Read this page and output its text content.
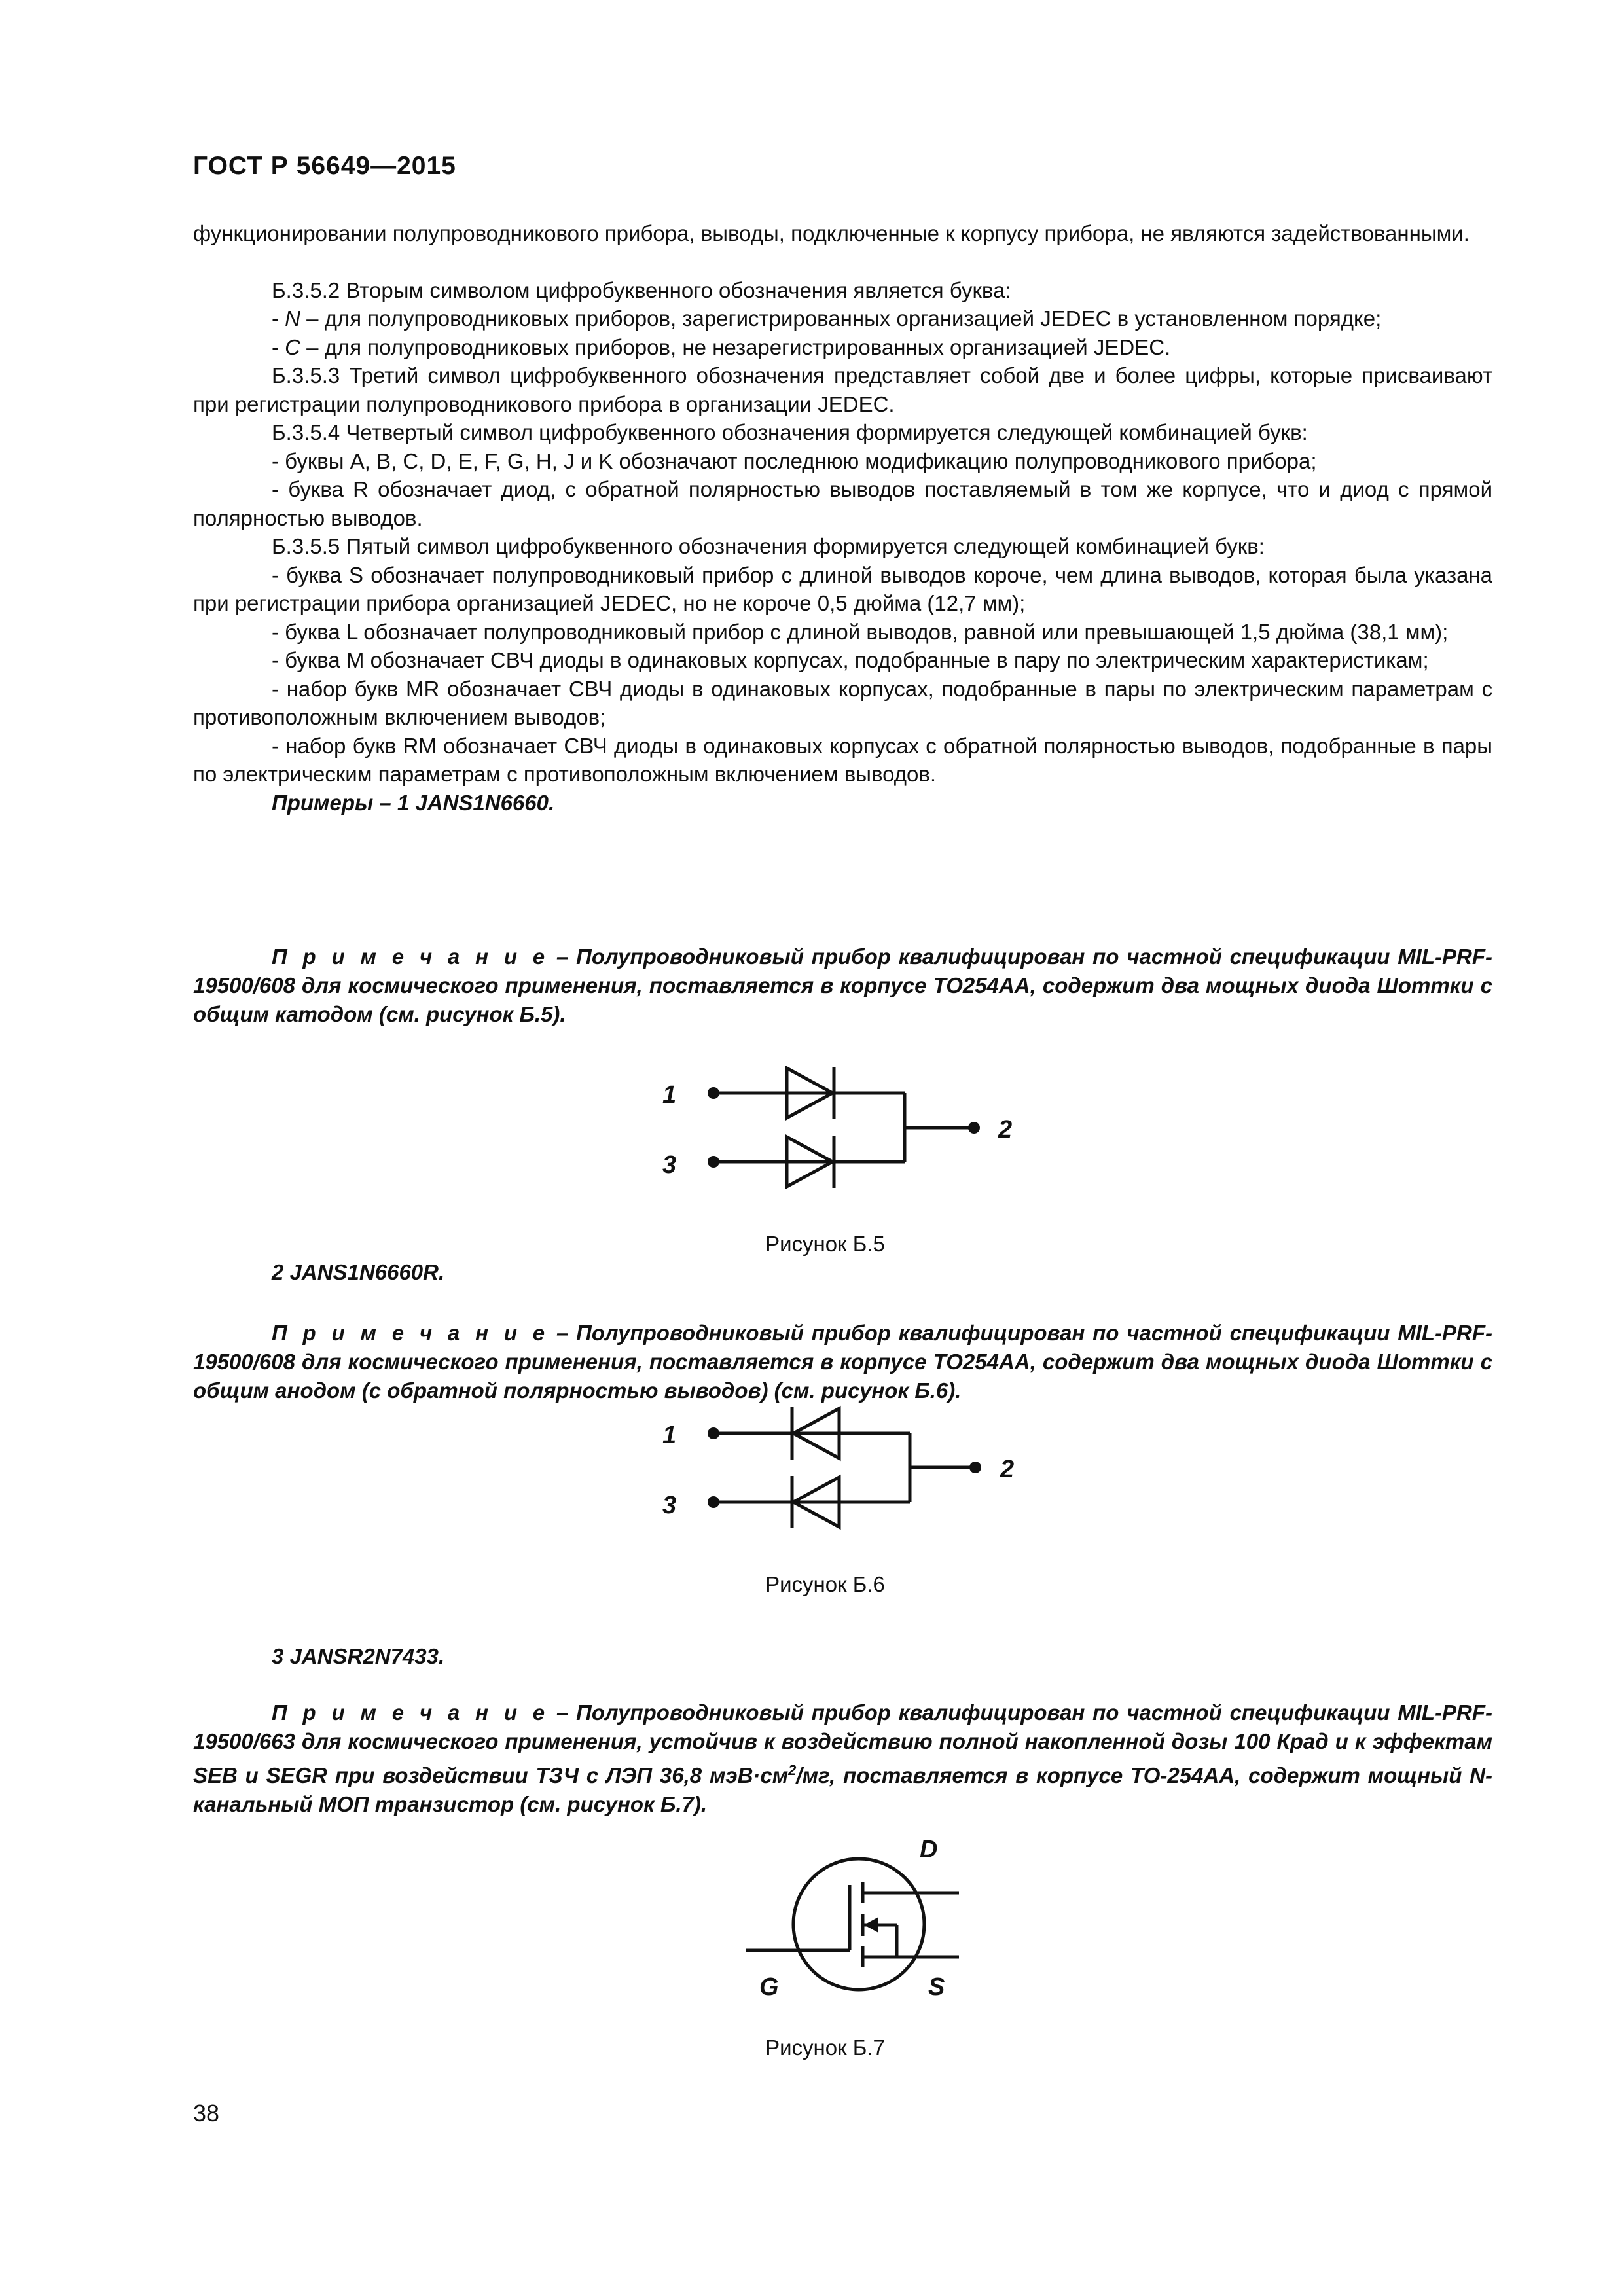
ГОСТ Р 56649—2015

функционировании полупроводникового прибора, выводы, подключенные к корпусу прибора, не являются задействованными.

Б.3.5.2 Вторым символом цифробуквенного обозначения является буква:

- N – для полупроводниковых приборов, зарегистрированных организацией JEDEC в установленном порядке;

- C – для полупроводниковых приборов, не незарегистрированных организацией JEDEC.

Б.3.5.3 Третий символ цифробуквенного обозначения представляет собой две и более цифры, которые присваивают при регистрации полупроводникового прибора в организации JEDEC.

Б.3.5.4 Четвертый символ цифробуквенного обозначения формируется следующей комбинацией букв:

- буквы A, B, C, D, E, F, G, H, J и K обозначают последнюю модификацию полупроводникового прибора;

- буква R обозначает диод, с обратной полярностью выводов поставляемый в том же корпусе, что и диод с прямой полярностью выводов.

Б.3.5.5 Пятый символ цифробуквенного обозначения формируется следующей комбинацией букв:

- буква S обозначает полупроводниковый прибор с длиной выводов короче, чем длина выводов, которая была указана при регистрации прибора организацией JEDEC, но не короче 0,5 дюйма (12,7 мм);

- буква L обозначает полупроводниковый прибор с длиной выводов, равной или превышающей 1,5 дюйма (38,1 мм);

- буква M обозначает СВЧ диоды в одинаковых корпусах, подобранные в пару по электрическим характеристикам;

- набор букв MR обозначает СВЧ диоды в одинаковых корпусах, подобранные в пары по электрическим параметрам с противоположным включением выводов;

- набор букв RM обозначает СВЧ диоды в одинаковых корпусах с обратной полярностью выводов, подобранные в пары по электрическим параметрам с противоположным включением выводов.

Примеры – 1 JANS1N6660.

П р и м е ч а н и е – Полупроводниковый прибор квалифицирован по частной спецификации MIL-PRF-19500/608 для космического применения, поставляется в корпусе ТО254АА, содержит два мощных диода Шоттки с общим катодом (см. рисунок Б.5).

1
3
2
Рисунок Б.5
2 JANS1N6660R.

П р и м е ч а н и е – Полупроводниковый прибор квалифицирован по частной спецификации MIL-PRF-19500/608 для космического применения, поставляется в корпусе ТО254АА, содержит два мощных диода Шоттки с общим анодом (с обратной полярностью выводов) (см. рисунок Б.6).

1
3
2
Рисунок Б.6
3 JANSR2N7433.

П р и м е ч а н и е – Полупроводниковый прибор квалифицирован по частной спецификации MIL-PRF-19500/663 для космического применения, устойчив к воздействию полной накопленной дозы 100 Крад и к эффектам SEB и SEGR при воздействии ТЗЧ с ЛЭП 36,8 $мэВ\cdot см^2/мг$, поставляется в корпусе ТО-254АА, содержит мощный N-канальный МОП транзистор (см. рисунок Б.7).

D
G	S
Рисунок Б.7
38
